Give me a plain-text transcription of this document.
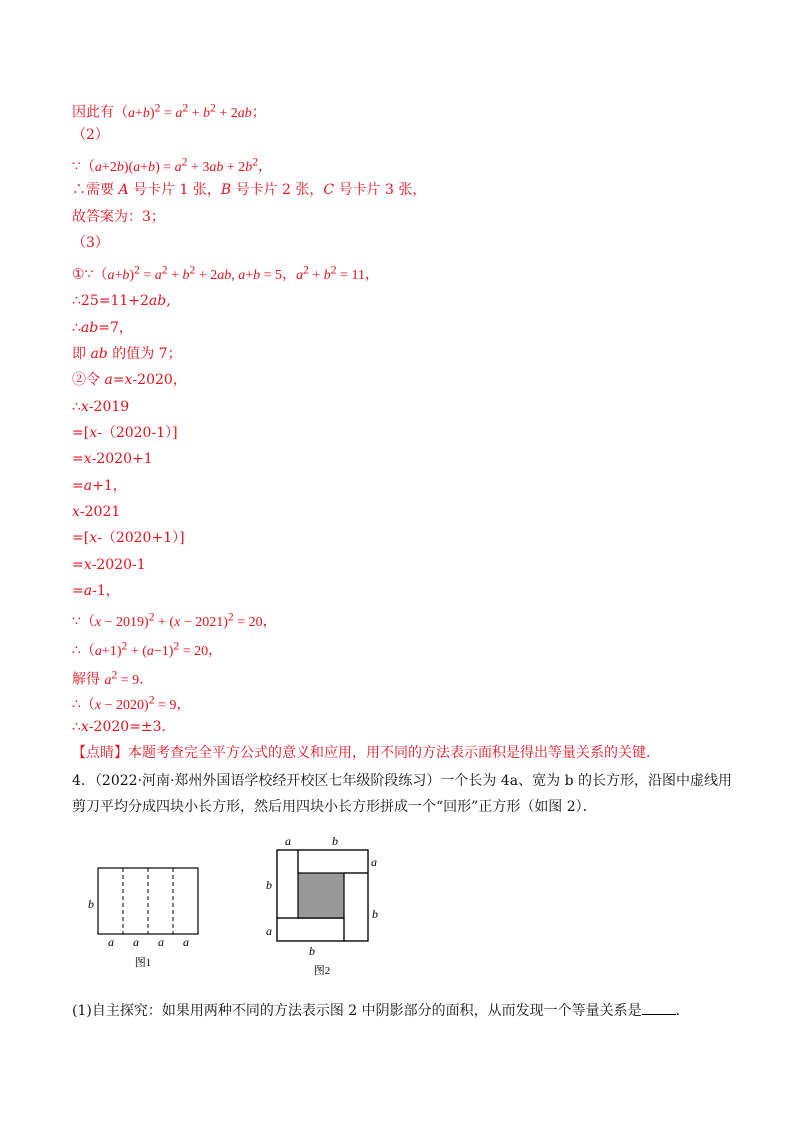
因此有$(a+b)^2 = a^2 + b^2 + 2ab$；
（2）
∵（a+2b)(a+b) = $a^2 + 3ab + 2b^2$，
∴需要 A 号卡片 1 张，B 号卡片 2 张，C 号卡片 3 张，
故答案为：3；
（3）
①∵（a+b)$^2$ = $a^2 + b^2 + 2ab$, a+b = 5，$a^2 + b^2 = 11$，
∴25=11+2ab,
∴ab=7，
即 ab 的值为 7；
②令 a=x-2020，
∴x-2019
=[x-（2020-1）]
=x-2020+1
=a+1，
x-2021
=[x-（2020+1）]
=x-2020-1
=a-1，
∵（x − $2019)^2 + (x - 2021)^2 = 20$，
∴（a+1)$^2$ + $(a-1)^2 = 20$，
解得 $a^2 = 9$．
∴（x − 2020)$^2$ = 9，
∴x-2020=±3．
【点睛】本题考查完全平方公式的意义和应用，用不同的方法表示面积是得出等量关系的关键．
4．（2022·河南·郑州外国语学校经开校区七年级阶段练习）一个长为 4a、宽为 b 的长方形，沿图中虚线用
剪刀平均分成四块小长方形，然后用四块小长方形拼成一个“回形”正方形（如图 2）．
b
a a a a
图1
a	b
a
b
b
a
b
图2
(1)自主探究：如果用两种不同的方法表示图 2 中阴影部分的面积，从而发现一个等量关系是 ．
